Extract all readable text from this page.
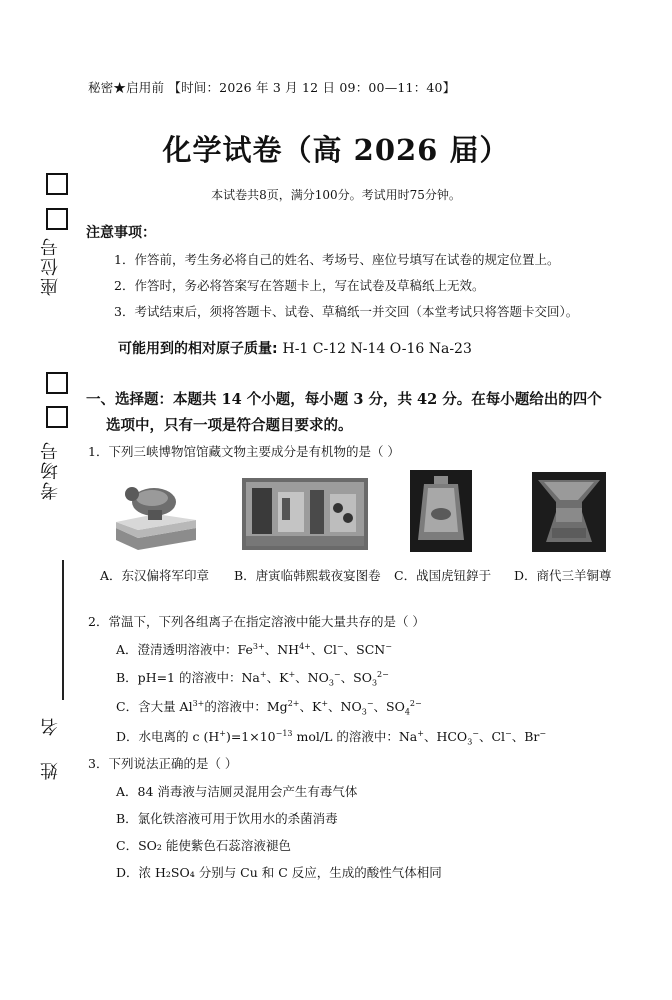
座位号
考场号
姓 名
秘密★启用前 【时间：2026 年 3 月 12 日 09：00—11：40】
化学试卷（高 2026 届）
本试卷共8页，满分100分。考试用时75分钟。
注意事项：
1．作答前，考生务必将自己的姓名、考场号、座位号填写在试卷的规定位置上。
2．作答时，务必将答案写在答题卡上，写在试卷及草稿纸上无效。
3．考试结束后，须将答题卡、试卷、草稿纸一并交回（本堂考试只将答题卡交回）。
可能用到的相对原子质量: H-1 C-12 N-14 O-16 Na-23
一、选择题：本题共 14 个小题，每小题 3 分，共 42 分。在每小题给出的四个
选项中，只有一项是符合题目要求的。
1．下列三峡博物馆馆藏文物主要成分是有机物的是（ ）
A．东汉偏将军印章 B．唐寅临韩熙载夜宴图卷 C．战国虎钮錞于 D．商代三羊铜尊
2．常温下，下列各组离子在指定溶液中能大量共存的是（ ）
A．澄清透明溶液中：$Fe^{3+}$、$NH^{4+}$、Cl−、SCN−
B．pH=1 的溶液中：Na+、K+、$NO_3^-$、$SO_3^{2-}$
C．含大量 $Al^{3+}$的溶液中：$Mg^{2+}$、K+、$NO_3^-$、$SO_4^{2-}$
D．水电离的 c $(H^+)=1\times 10^{-13}$ mol/L 的溶液中：Na+、$HCO_3^-$、Cl−、Br−
3．下列说法正确的是（ ）
A．84 消毒液与洁厕灵混用会产生有毒气体
B．氯化铁溶液可用于饮用水的杀菌消毒
C．SO₂ 能使紫色石蕊溶液褪色
D．浓 H₂SO₄ 分别与 Cu 和 C 反应，生成的酸性气体相同
